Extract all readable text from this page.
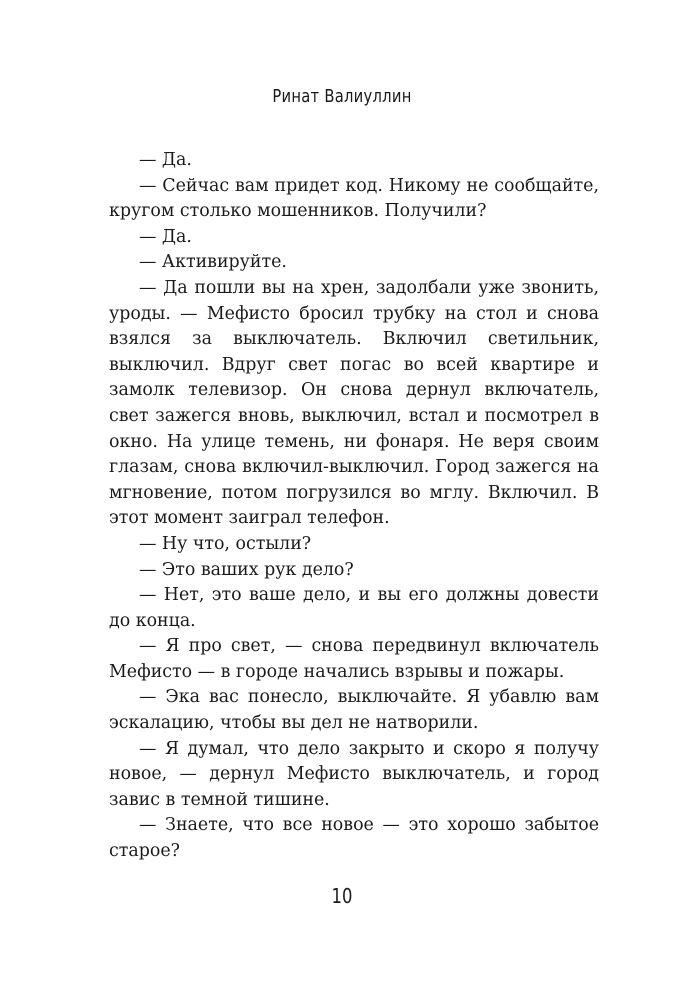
Ринат Валиуллин

— Да.

— Сейчас вам придет код. Никому не сообщайте, кругом столько мошенников. Получили?

— Да.

— Активируйте.

— Да пошли вы на хрен, задолбали уже звонить, уроды. — Мефисто бросил трубку на стол и снова взялся за выключатель. Включил светильник, выключил. Вдруг свет погас во всей квартире и замолк телевизор. Он снова дернул включатель, свет зажегся вновь, выключил, встал и посмотрел в окно. На улице темень, ни фонаря. Не веря своим глазам, снова включил-выключил. Город зажегся на мгновение, потом погрузился во мглу. Включил. В этот момент заиграл телефон.

— Ну что, остыли?

— Это ваших рук дело?

— Нет, это ваше дело, и вы его должны довести до конца.

— Я про свет, — снова передвинул включатель Мефисто — в городе начались взрывы и пожары.

— Эка вас понесло, выключайте. Я убавлю вам эскалацию, чтобы вы дел не натворили.

— Я думал, что дело закрыто и скоро я получу новое, — дернул Мефисто выключатель, и город завис в темной тишине.

— Знаете, что все новое — это хорошо забытое старое?

10
